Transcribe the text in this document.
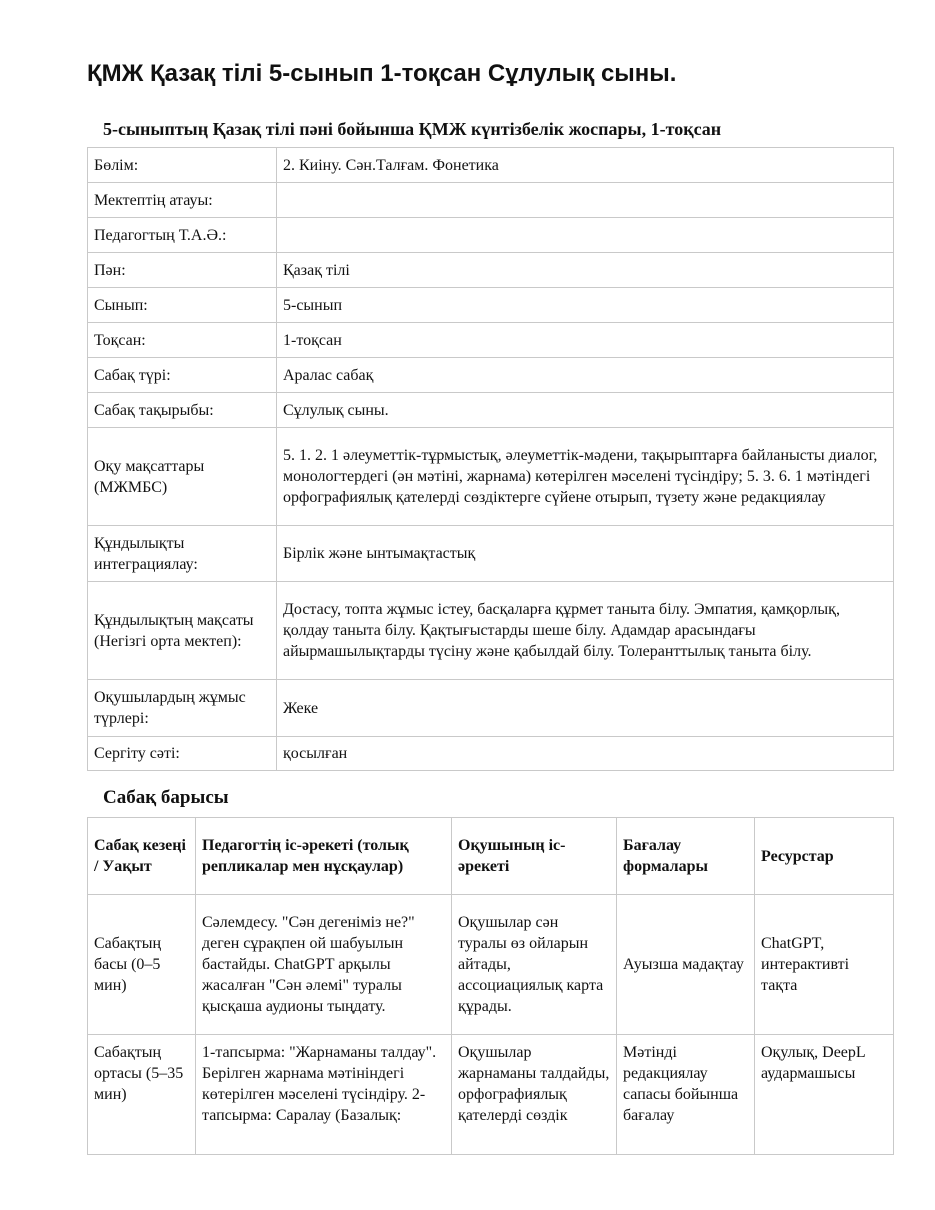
ҚМЖ Қазақ тілі 5-сынып 1-тоқсан Сұлулық сыны.
5-сыныптың Қазақ тілі пәні бойынша ҚМЖ күнтізбелік жоспары, 1-тоқсан
Бөлім:	2. Киіну. Сән.Талғам. Фонетика
Мектептің атауы:	
Педагогтың Т.А.Ә.:	
Пән:	Қазақ тілі
Сынып:	5-сынып
Тоқсан:	1-тоқсан
Сабақ түрі:	Аралас сабақ
Сабақ тақырыбы:	Сұлулық сыны.
Оқу мақсаттары (МЖМБС)	5. 1. 2. 1 әлеуметтік-тұрмыстық, әлеуметтік-мәдени, тақырыптарға байланысты диалог, монологтердегі (ән мәтіні, жарнама) көтерілген мәселені түсіндіру; 5. 3. 6. 1 мәтіндегі орфографиялық қателерді сөздіктерге сүйене отырып, түзету және редакциялау
Құндылықты интеграциялау:	Бірлік және ынтымақтастық
Құндылықтың мақсаты (Негізгі орта мектеп):	Достасу, топта жұмыс істеу, басқаларға құрмет таныта білу. Эмпатия, қамқорлық, қолдау таныта білу. Қақтығыстарды шеше білу. Адамдар арасындағы айырмашылықтарды түсіну және қабылдай білу. Толеранттылық таныта білу.
Оқушылардың жұмыс түрлері:	Жеке
Сергіту сәті:	қосылған
Сабақ барысы
Сабақ кезеңі / Уақыт	Педагогтің іс-әрекеті (толық репликалар мен нұсқаулар)	Оқушының іс-әрекеті	Бағалау формалары	Ресурстар
Сабақтың басы (0–5 мин)	Сәлемдесу. "Сән дегеніміз не?" деген сұрақпен ой шабуылын бастайды. ChatGPT арқылы жасалған "Сән әлемі" туралы қысқаша аудионы тыңдату.	Оқушылар сән туралы өз ойларын айтады, ассоциациялық карта құрады.	Ауызша мадақтау	ChatGPT, интерактивті тақта
Сабақтың ортасы (5–35 мин)	1-тапсырма: "Жарнаманы талдау". Берілген жарнама мәтініндегі көтерілген мәселені түсіндіру. 2-тапсырма: Саралау (Базалық:	Оқушылар жарнаманы талдайды, орфографиялық қателерді сөздік	Мәтінді редакциялау сапасы бойынша бағалау	Оқулық, DeepL аудармашысы
